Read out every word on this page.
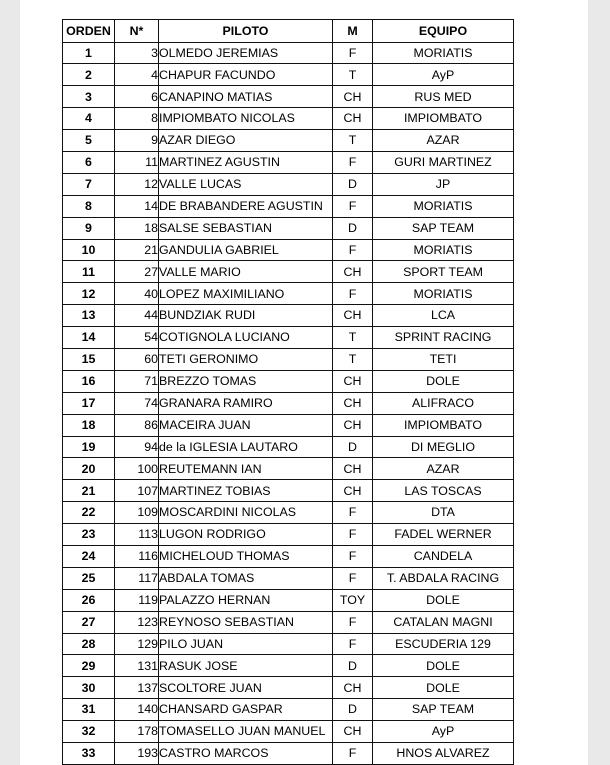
ORDEN	N*	PILOTO	M	EQUIPO
1	3	OLMEDO JEREMIAS	F	MORIATIS
2	4	CHAPUR FACUNDO	T	AyP
3	6	CANAPINO MATIAS	CH	RUS MED
4	8	IMPIOMBATO NICOLAS	CH	IMPIOMBATO
5	9	AZAR DIEGO	T	AZAR
6	11	MARTINEZ AGUSTIN	F	GURI MARTINEZ
7	12	VALLE LUCAS	D	JP
8	14	DE BRABANDERE AGUSTIN	F	MORIATIS
9	18	SALSE SEBASTIAN	D	SAP TEAM
10	21	GANDULIA GABRIEL	F	MORIATIS
11	27	VALLE MARIO	CH	SPORT TEAM
12	40	LOPEZ MAXIMILIANO	F	MORIATIS
13	44	BUNDZIAK RUDI	CH	LCA
14	54	COTIGNOLA LUCIANO	T	SPRINT RACING
15	60	TETI GERONIMO	T	TETI
16	71	BREZZO TOMAS	CH	DOLE
17	74	GRANARA RAMIRO	CH	ALIFRACO
18	86	MACEIRA JUAN	CH	IMPIOMBATO
19	94	de la IGLESIA LAUTARO	D	DI MEGLIO
20	100	REUTEMANN IAN	CH	AZAR
21	107	MARTINEZ TOBIAS	CH	LAS TOSCAS
22	109	MOSCARDINI NICOLAS	F	DTA
23	113	LUGON RODRIGO	F	FADEL WERNER
24	116	MICHELOUD THOMAS	F	CANDELA
25	117	ABDALA TOMAS	F	T. ABDALA RACING
26	119	PALAZZO HERNAN	TOY	DOLE
27	123	REYNOSO SEBASTIAN	F	CATALAN MAGNI
28	129	PILO JUAN	F	ESCUDERIA 129
29	131	RASUK JOSE	D	DOLE
30	137	SCOLTORE JUAN	CH	DOLE
31	140	CHANSARD GASPAR	D	SAP TEAM
32	178	TOMASELLO JUAN MANUEL	CH	AyP
33	193	CASTRO MARCOS	F	HNOS ALVAREZ
